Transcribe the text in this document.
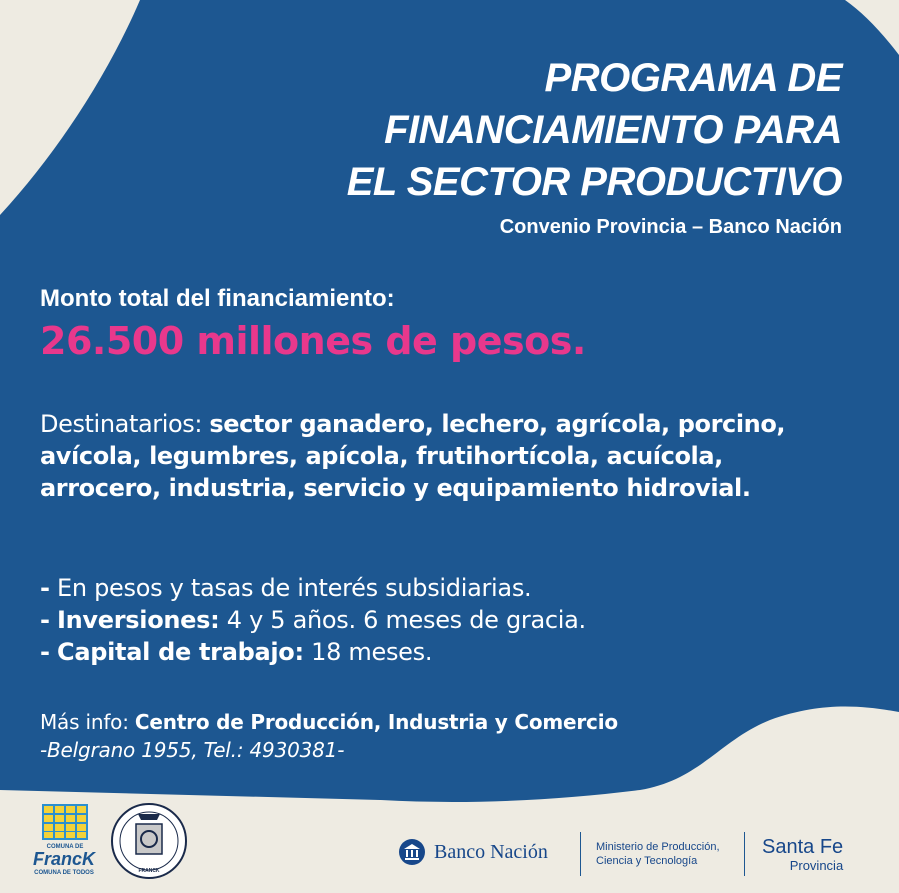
PROGRAMA DE
FINANCIAMIENTO PARA
EL SECTOR PRODUCTIVO
Convenio Provincia – Banco Nación
Monto total del financiamiento:
26.500 millones de pesos.
Destinatarios: sector ganadero, lechero, agrícola, porcino, avícola, legumbres, apícola, frutihortícola, acuícola, arrocero, industria, servicio y equipamiento hidrovial.
- En pesos y tasas de interés subsidiarias.
- Inversiones: 4 y 5 años. 6 meses de gracia.
- Capital de trabajo: 18 meses.
Más info: Centro de Producción, Industria y Comercio
-Belgrano 1955, Tel.: 4930381-
COMUNA DE
FrancK
COMUNA DE TODOS	FRANCK
Banco Nación	Ministerio de Producción,
Ciencia y Tecnología
Santa Fe
Provincia
